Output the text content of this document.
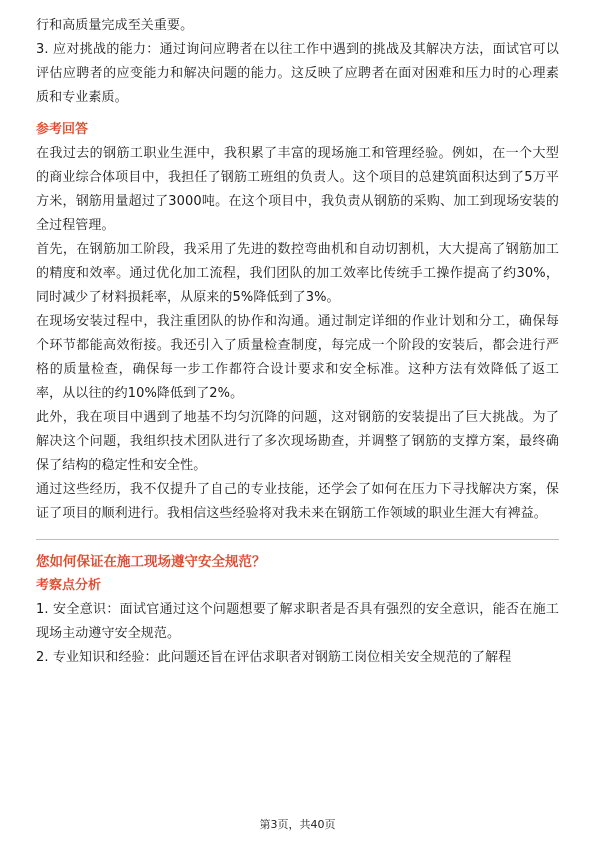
行和高质量完成至关重要。

3. 应对挑战的能力：通过询问应聘者在以往工作中遇到的挑战及其解决方法，面试官可以评估应聘者的应变能力和解决问题的能力。这反映了应聘者在面对困难和压力时的心理素质和专业素质。

参考回答

在我过去的钢筋工职业生涯中，我积累了丰富的现场施工和管理经验。例如，在一个大型的商业综合体项目中，我担任了钢筋工班组的负责人。这个项目的总建筑面积达到了5万平方米，钢筋用量超过了3000吨。在这个项目中，我负责从钢筋的采购、加工到现场安装的全过程管理。

首先，在钢筋加工阶段，我采用了先进的数控弯曲机和自动切割机，大大提高了钢筋加工的精度和效率。通过优化加工流程，我们团队的加工效率比传统手工操作提高了约30%，同时减少了材料损耗率，从原来的5%降低到了3%。

在现场安装过程中，我注重团队的协作和沟通。通过制定详细的作业计划和分工，确保每个环节都能高效衔接。我还引入了质量检查制度，每完成一个阶段的安装后，都会进行严格的质量检查，确保每一步工作都符合设计要求和安全标准。这种方法有效降低了返工率，从以往的约10%降低到了2%。

此外，我在项目中遇到了地基不均匀沉降的问题，这对钢筋的安装提出了巨大挑战。为了解决这个问题，我组织技术团队进行了多次现场勘查，并调整了钢筋的支撑方案，最终确保了结构的稳定性和安全性。

通过这些经历，我不仅提升了自己的专业技能，还学会了如何在压力下寻找解决方案，保证了项目的顺利进行。我相信这些经验将对我未来在钢筋工作领域的职业生涯大有裨益。

您如何保证在施工现场遵守安全规范？
考察点分析

1. 安全意识：面试官通过这个问题想要了解求职者是否具有强烈的安全意识，能否在施工现场主动遵守安全规范。

2. 专业知识和经验：此问题还旨在评估求职者对钢筋工岗位相关安全规范的了解程

第3页，共40页
